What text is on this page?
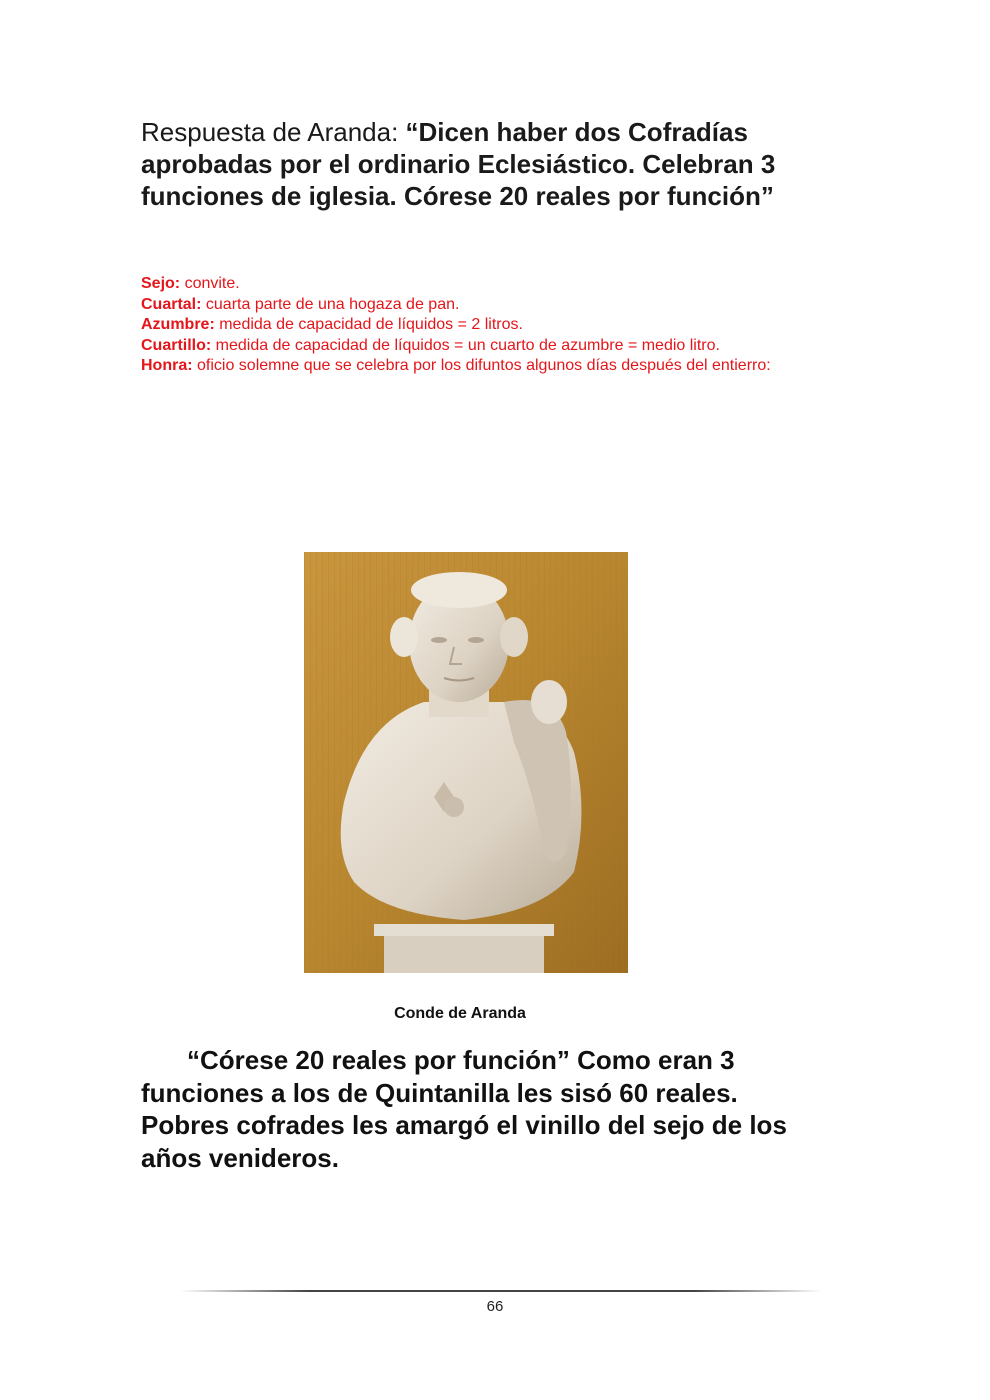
Respuesta de Aranda: “Dicen haber dos Cofradías aprobadas por el ordinario Eclesiástico. Celebran 3 funciones de iglesia. Córese 20 reales por función”
Sejo: convite.
Cuartal: cuarta parte de una hogaza de pan.
Azumbre: medida de capacidad de líquidos = 2 litros.
Cuartillo: medida de capacidad de líquidos = un cuarto de azumbre = medio litro.
Honra: oficio solemne que se celebra por los difuntos algunos días después del entierro:
Conde de Aranda
“Córese 20 reales por función” Como eran 3 funciones a los de Quintanilla les sisó 60 reales. Pobres cofrades les amargó el vinillo del sejo de los años venideros.
66
